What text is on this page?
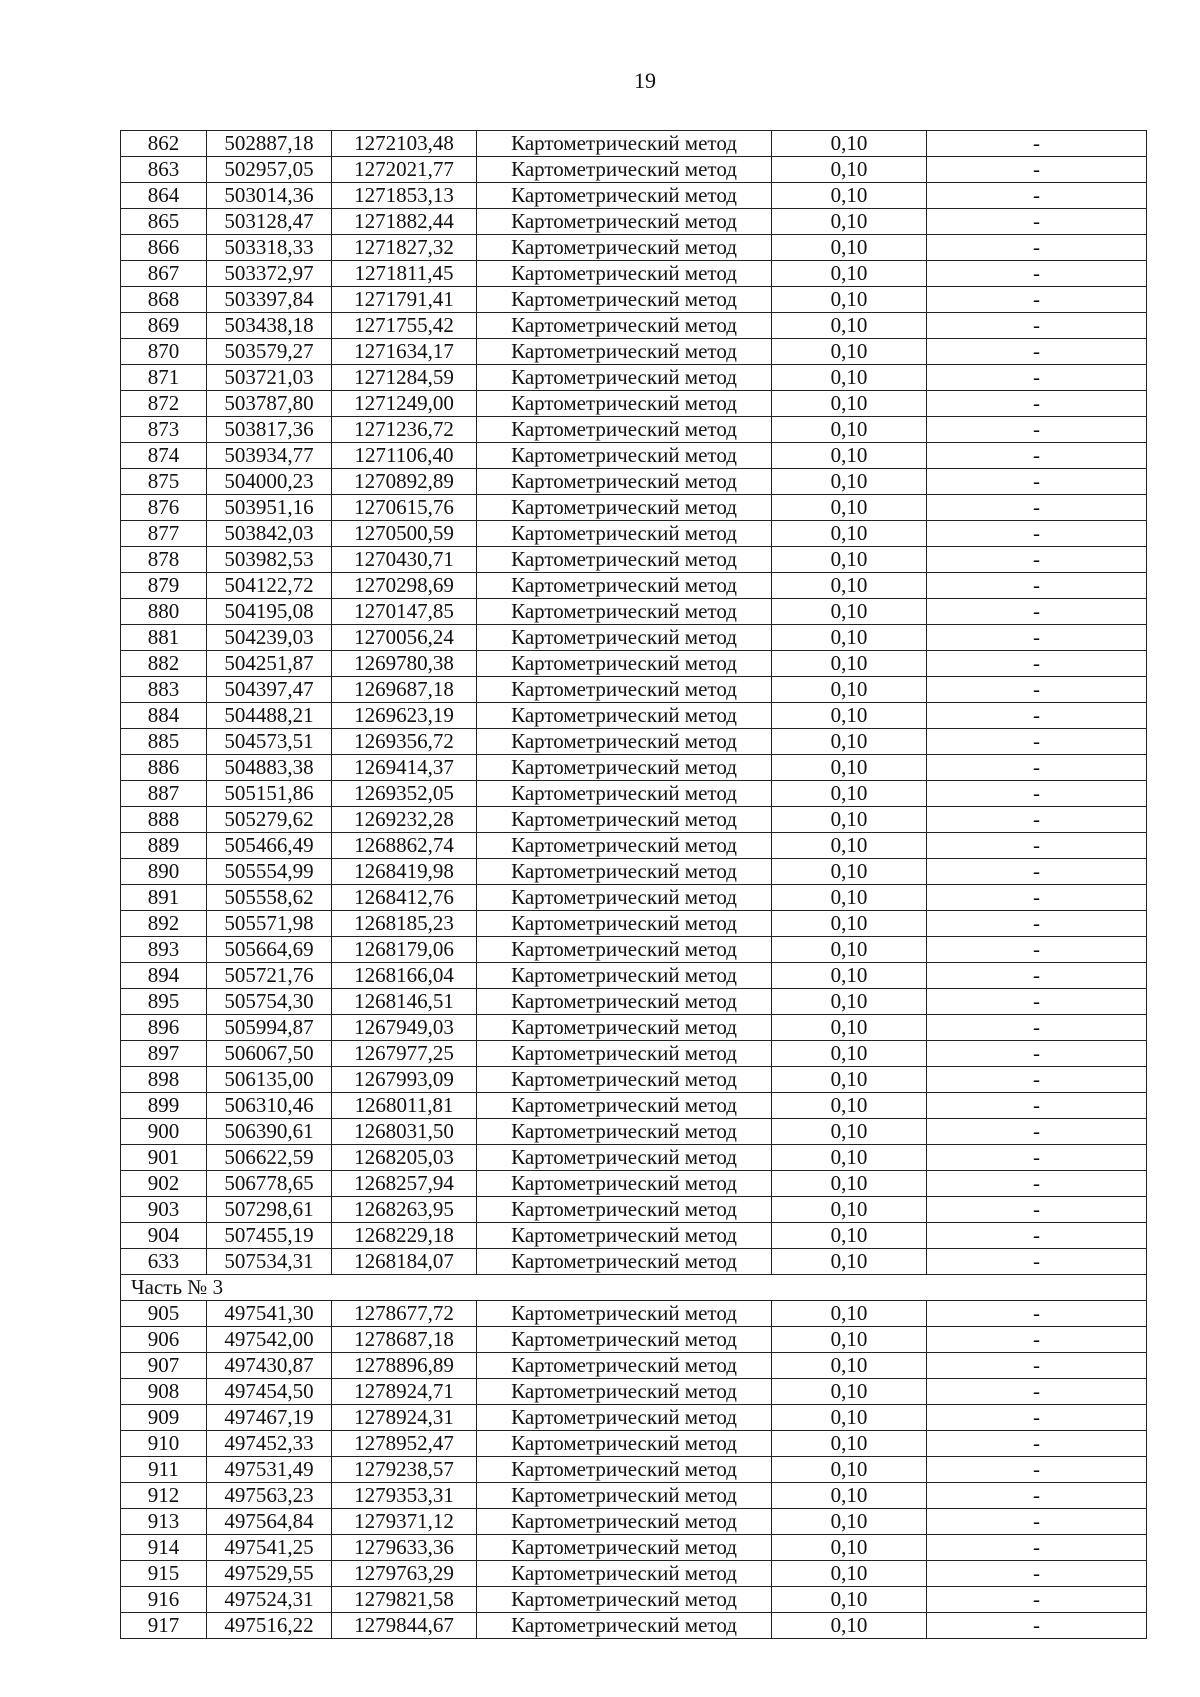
19
862	502887,18	1272103,48	Картометрический метод	0,10	-
863	502957,05	1272021,77	Картометрический метод	0,10	-
864	503014,36	1271853,13	Картометрический метод	0,10	-
865	503128,47	1271882,44	Картометрический метод	0,10	-
866	503318,33	1271827,32	Картометрический метод	0,10	-
867	503372,97	1271811,45	Картометрический метод	0,10	-
868	503397,84	1271791,41	Картометрический метод	0,10	-
869	503438,18	1271755,42	Картометрический метод	0,10	-
870	503579,27	1271634,17	Картометрический метод	0,10	-
871	503721,03	1271284,59	Картометрический метод	0,10	-
872	503787,80	1271249,00	Картометрический метод	0,10	-
873	503817,36	1271236,72	Картометрический метод	0,10	-
874	503934,77	1271106,40	Картометрический метод	0,10	-
875	504000,23	1270892,89	Картометрический метод	0,10	-
876	503951,16	1270615,76	Картометрический метод	0,10	-
877	503842,03	1270500,59	Картометрический метод	0,10	-
878	503982,53	1270430,71	Картометрический метод	0,10	-
879	504122,72	1270298,69	Картометрический метод	0,10	-
880	504195,08	1270147,85	Картометрический метод	0,10	-
881	504239,03	1270056,24	Картометрический метод	0,10	-
882	504251,87	1269780,38	Картометрический метод	0,10	-
883	504397,47	1269687,18	Картометрический метод	0,10	-
884	504488,21	1269623,19	Картометрический метод	0,10	-
885	504573,51	1269356,72	Картометрический метод	0,10	-
886	504883,38	1269414,37	Картометрический метод	0,10	-
887	505151,86	1269352,05	Картометрический метод	0,10	-
888	505279,62	1269232,28	Картометрический метод	0,10	-
889	505466,49	1268862,74	Картометрический метод	0,10	-
890	505554,99	1268419,98	Картометрический метод	0,10	-
891	505558,62	1268412,76	Картометрический метод	0,10	-
892	505571,98	1268185,23	Картометрический метод	0,10	-
893	505664,69	1268179,06	Картометрический метод	0,10	-
894	505721,76	1268166,04	Картометрический метод	0,10	-
895	505754,30	1268146,51	Картометрический метод	0,10	-
896	505994,87	1267949,03	Картометрический метод	0,10	-
897	506067,50	1267977,25	Картометрический метод	0,10	-
898	506135,00	1267993,09	Картометрический метод	0,10	-
899	506310,46	1268011,81	Картометрический метод	0,10	-
900	506390,61	1268031,50	Картометрический метод	0,10	-
901	506622,59	1268205,03	Картометрический метод	0,10	-
902	506778,65	1268257,94	Картометрический метод	0,10	-
903	507298,61	1268263,95	Картометрический метод	0,10	-
904	507455,19	1268229,18	Картометрический метод	0,10	-
633	507534,31	1268184,07	Картометрический метод	0,10	-
Часть № 3					
905	497541,30	1278677,72	Картометрический метод	0,10	-
906	497542,00	1278687,18	Картометрический метод	0,10	-
907	497430,87	1278896,89	Картометрический метод	0,10	-
908	497454,50	1278924,71	Картометрический метод	0,10	-
909	497467,19	1278924,31	Картометрический метод	0,10	-
910	497452,33	1278952,47	Картометрический метод	0,10	-
911	497531,49	1279238,57	Картометрический метод	0,10	-
912	497563,23	1279353,31	Картометрический метод	0,10	-
913	497564,84	1279371,12	Картометрический метод	0,10	-
914	497541,25	1279633,36	Картометрический метод	0,10	-
915	497529,55	1279763,29	Картометрический метод	0,10	-
916	497524,31	1279821,58	Картометрический метод	0,10	-
917	497516,22	1279844,67	Картометрический метод	0,10	-
